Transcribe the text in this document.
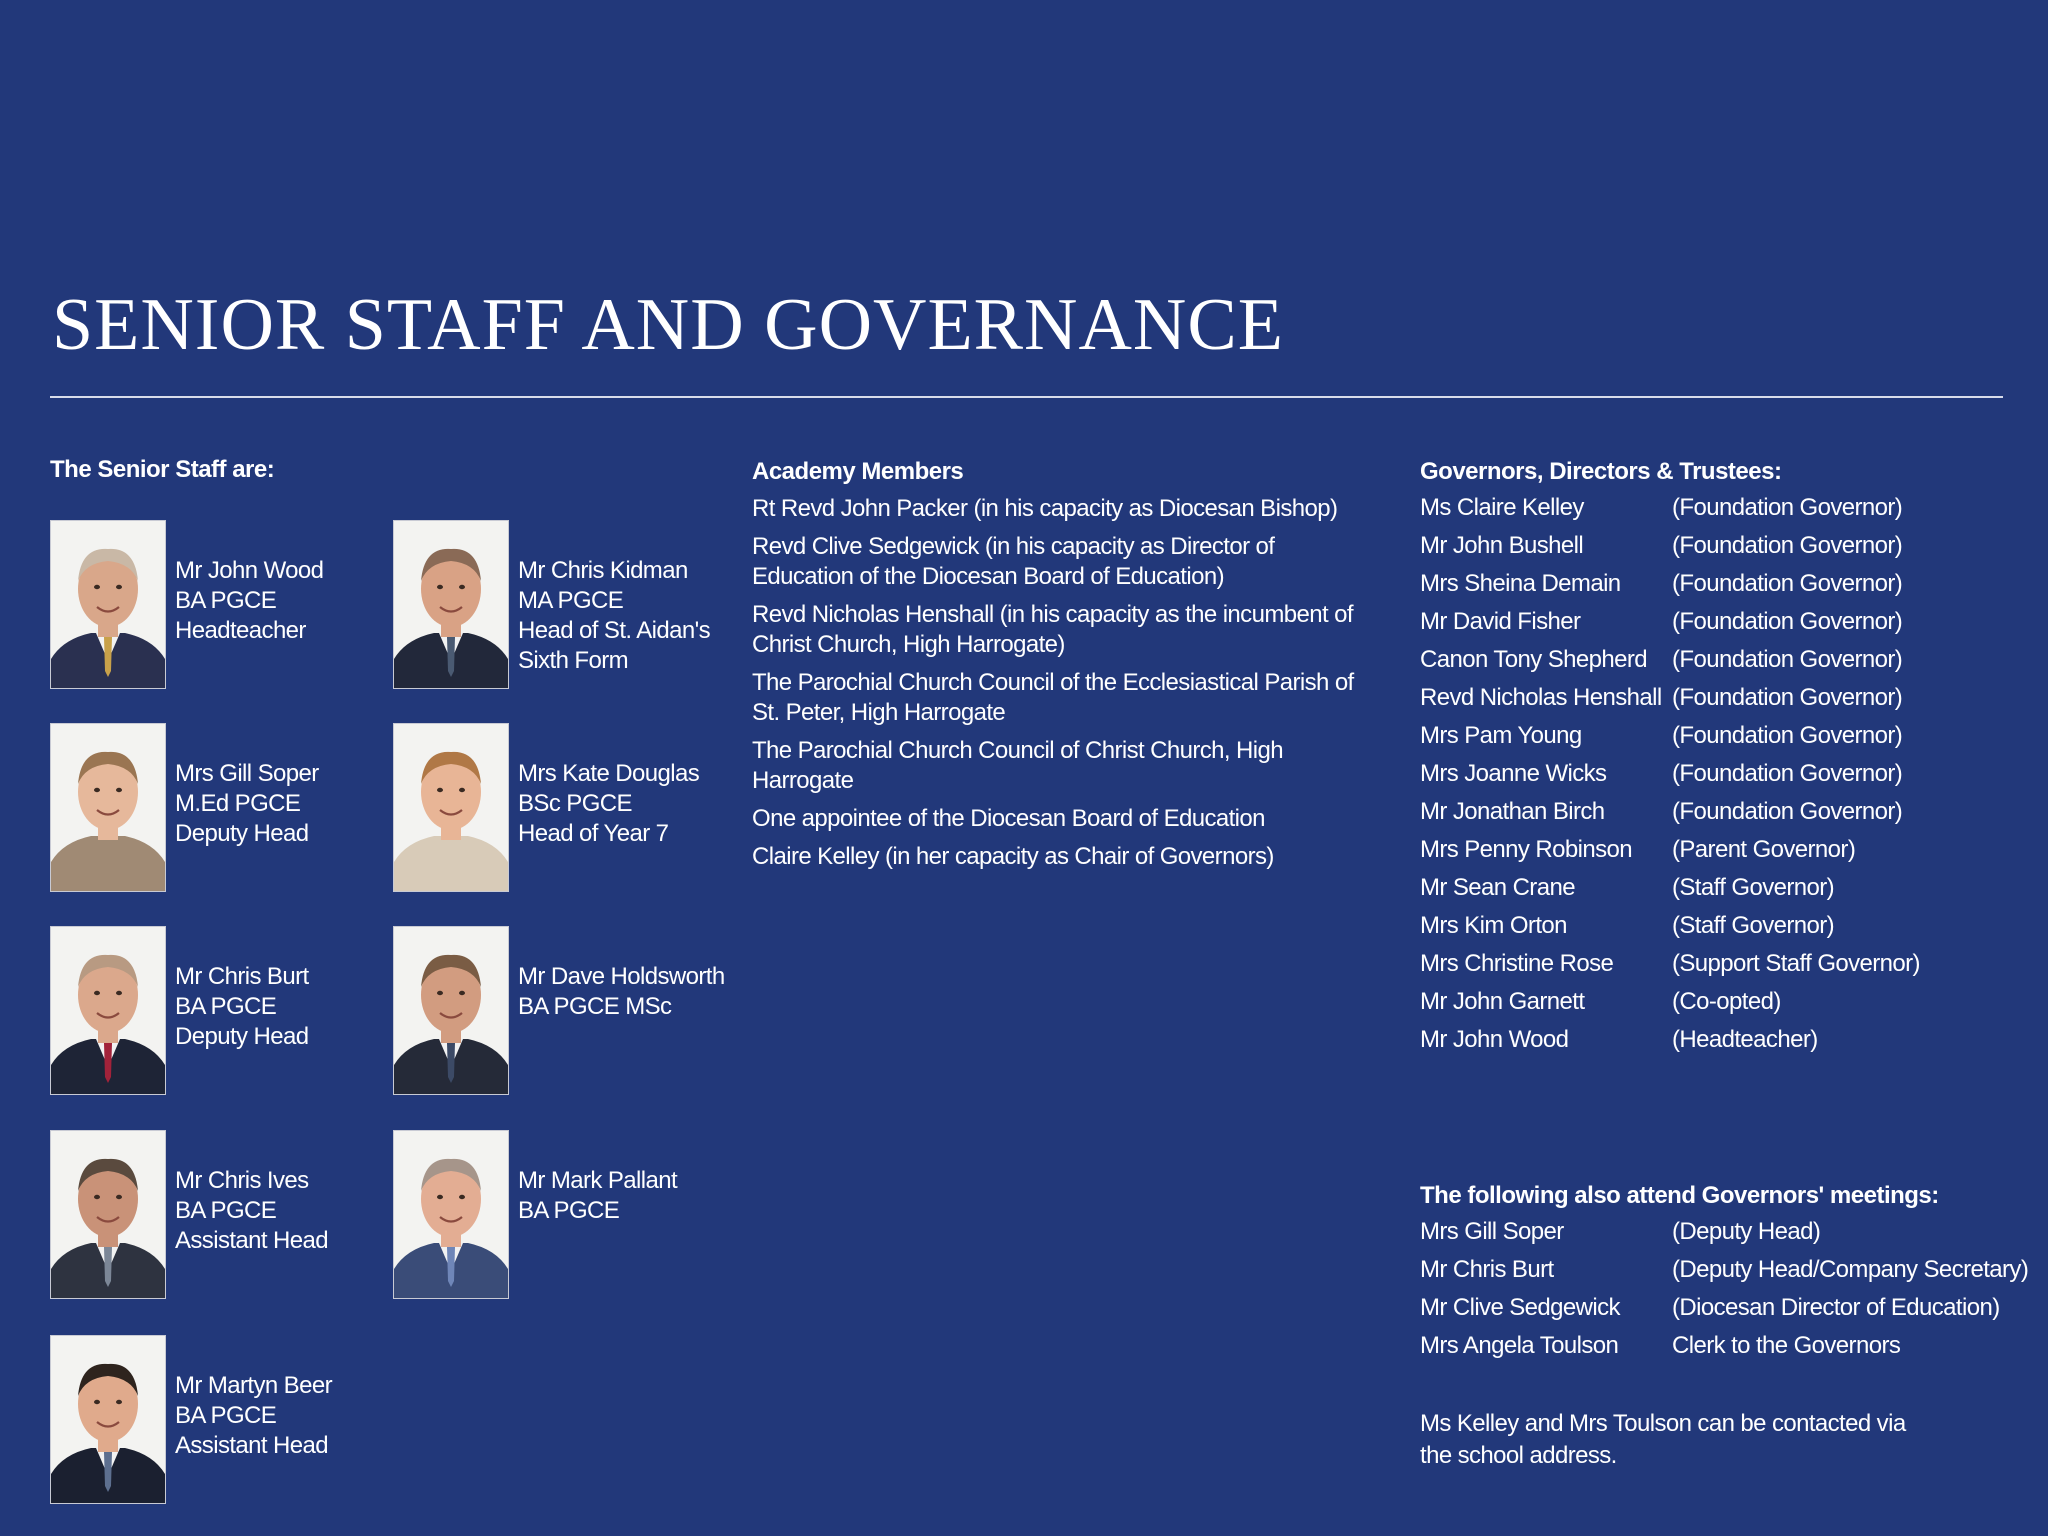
SENIOR STAFF AND GOVERNANCE
The Senior Staff are:
Mr John Wood
BA PGCE
Headteacher
Mrs Gill Soper
M.Ed PGCE
Deputy Head
Mr Chris Burt
BA PGCE
Deputy Head
Mr Chris Ives
BA PGCE
Assistant Head
Mr Martyn Beer
BA PGCE
Assistant Head
Mr Chris Kidman
MA PGCE
Head of St. Aidan's
Sixth Form
Mrs Kate Douglas
BSc PGCE
Head of Year 7
Mr Dave Holdsworth
BA PGCE MSc
Mr Mark Pallant
BA PGCE
Academy Members
Rt Revd John Packer (in his capacity as Diocesan Bishop)
Revd Clive Sedgewick (in his capacity as Director of Education of the Diocesan Board of Education)
Revd Nicholas Henshall (in his capacity as the incumbent of Christ Church, High Harrogate)
The Parochial Church Council of the Ecclesiastical Parish of St. Peter, High Harrogate
The Parochial Church Council of Christ Church, High Harrogate
One appointee of the Diocesan Board of Education
Claire Kelley (in her capacity as Chair of Governors)
Governors, Directors & Trustees:
Ms Claire Kelley	(Foundation Governor)
Mr John Bushell	(Foundation Governor)
Mrs Sheina Demain (Foundation Governor)
Mr David Fisher	(Foundation Governor)
Canon Tony Shepherd (Foundation Governor)
Revd Nicholas Henshall (Foundation Governor)
Mrs Pam Young	(Foundation Governor)
Mrs Joanne Wicks	(Foundation Governor)
Mr Jonathan Birch	(Foundation Governor)
Mrs Penny Robinson (Parent Governor)
Mr Sean Crane	(Staff Governor)
Mrs Kim Orton	(Staff Governor)
Mrs Christine Rose (Support Staff Governor)
Mr John Garnett	(Co-opted)
Mr John Wood	(Headteacher)
The following also attend Governors' meetings:
Mrs Gill Soper	(Deputy Head)
Mr Chris Burt	(Deputy Head/Company Secretary)
Mr Clive Sedgewick (Diocesan Director of Education)
Mrs Angela Toulson Clerk to the Governors
Ms Kelley and Mrs Toulson can be contacted via the school address.
